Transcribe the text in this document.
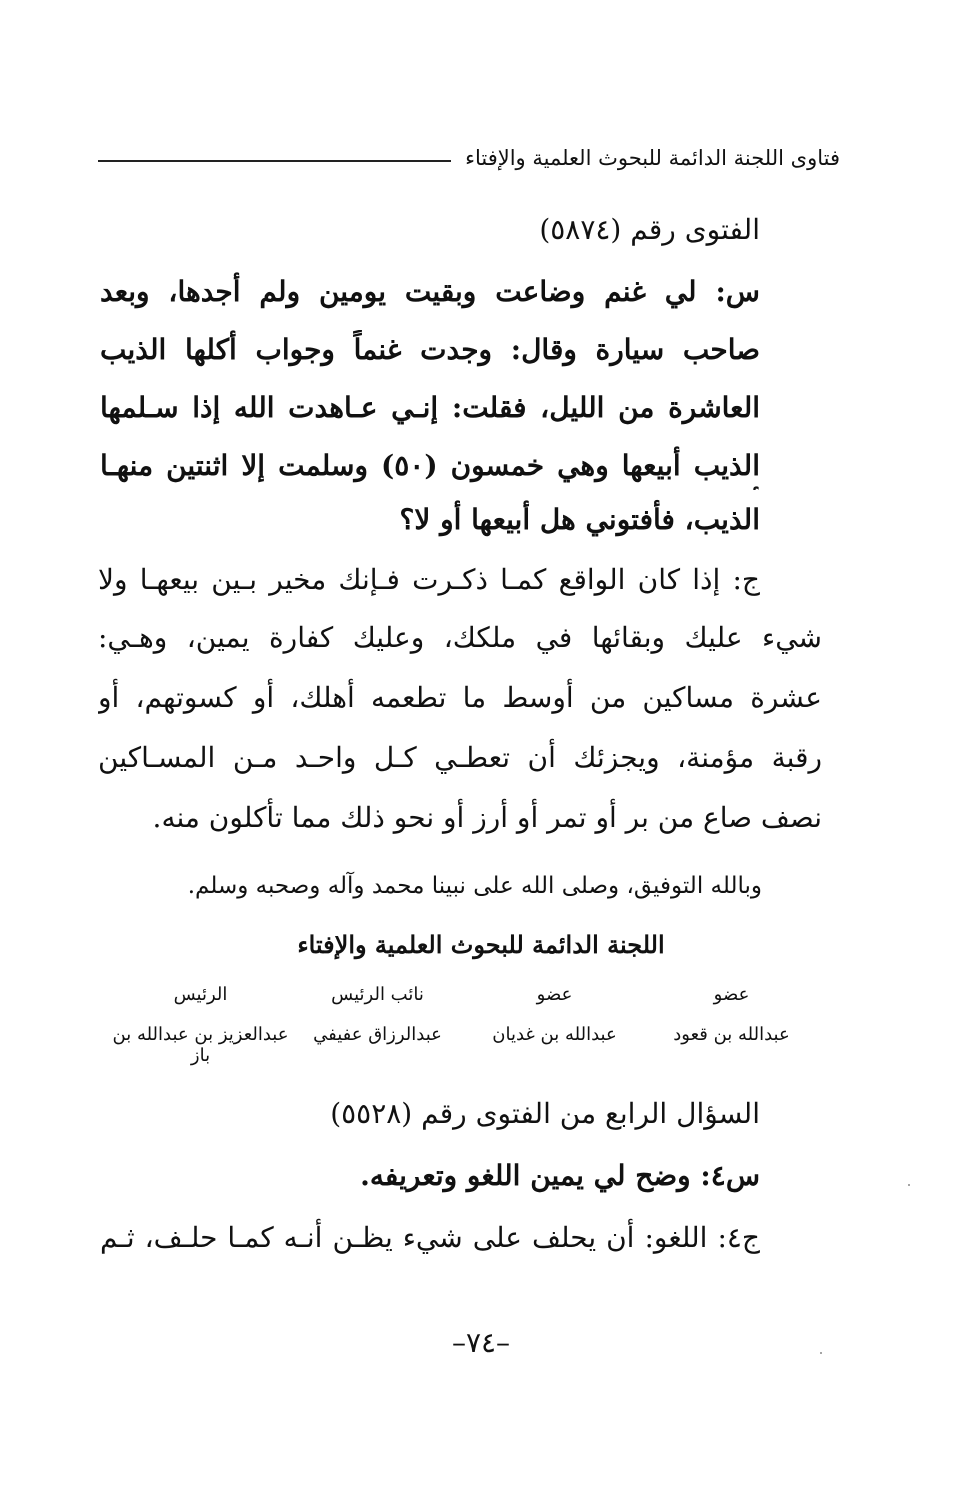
فتاوى اللجنة الدائمة للبحوث العلمية والإفتاء
الفتوى رقم (٥٨٧٤)
س: لي غنم وضاعت وبقيت يومين ولم أجدها، وبعد
صاحب سيارة وقال: وجدت غنماً وجواب أكلها الذيب
العاشرة من الليل، فقلت: إنـي عـاهدت الله إذا سـلمها
الذيب أبيعها وهي خمسون (٥٠) وسلمت إلا اثنتين منهـا
الذيب، فأفتوني هل أبيعها أو لا؟
ج: إذا كان الواقع كمـا ذكـرت فـإنك مخير بـين بيعهـا ولا
شيء عليك وبقائها في ملكك، وعليك كفارة يمين، وهـي:
عشرة مساكين من أوسط ما تطعمه أهلك، أو كسوتهم، أو
رقبة مؤمنة، ويجزئك أن تعطـي كـل واحـد مـن المسـاكين
نصف صاع من بر أو تمر أو أرز أو نحو ذلك مما تأكلون منه.
وبالله التوفيق، وصلى الله على نبينا محمد وآله وصحبه وسلم.
اللجنة الدائمة للبحوث العلمية والإفتاء
عضو
عضو
نائب الرئيس
الرئيس
عبدالله بن قعود
عبدالله بن غديان
عبدالرزاق عفيفي
عبدالعزيز بن عبدالله بن باز
السؤال الرابع من الفتوى رقم (٥٥٢٨)
س٤: وضح لي يمين اللغو وتعريفه.
ج٤: اللغو: أن يحلف على شيء يظـن أنـه كمـا حلـف، ثـم
–٧٤–
